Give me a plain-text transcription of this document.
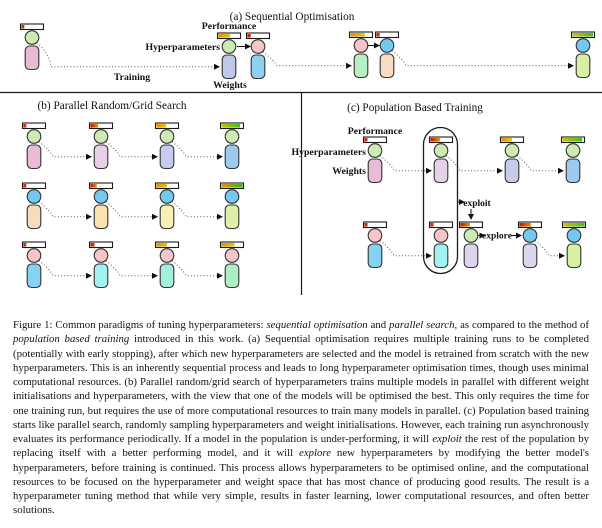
(a) Sequential Optimisation
(b) Parallel Random/Grid Search	(c) Population Based Training
Performance
Hyperparameters
Weights
Training
Performance
Hyperparameters
Weights
exploit
explore
Figure 1: Common paradigms of tuning hyperparameters: sequential optimisation and parallel search, as compared to the method of population based training introduced in this work. (a) Sequential optimisation requires multiple training runs to be completed (potentially with early stopping), after which new hyperparameters are selected and the model is retrained from scratch with the new hyperparameters. This is an inherently sequential process and leads to long hyperparameter optimisation times, though uses minimal computational resources. (b) Parallel random/grid search of hyperparameters trains multiple models in parallel with different weight initialisations and hyperparameters, with the view that one of the models will be optimised the best. This only requires the time for one training run, but requires the use of more computational resources to train many models in parallel. (c) Population based training starts like parallel search, randomly sampling hyperparameters and weight initialisations. However, each training run asynchronously evaluates its performance periodically. If a model in the population is under-performing, it will exploit the rest of the population by replacing itself with a better performing model, and it will explore new hyperparameters by modifying the better model's hyperparameters, before training is continued. This process allows hyperparameters to be optimised online, and the computational resources to be focused on the hyperparameter and weight space that has most chance of producing good results. The result is a hyperparameter tuning method that while very simple, results in faster learning, lower computational resources, and often better solutions.
